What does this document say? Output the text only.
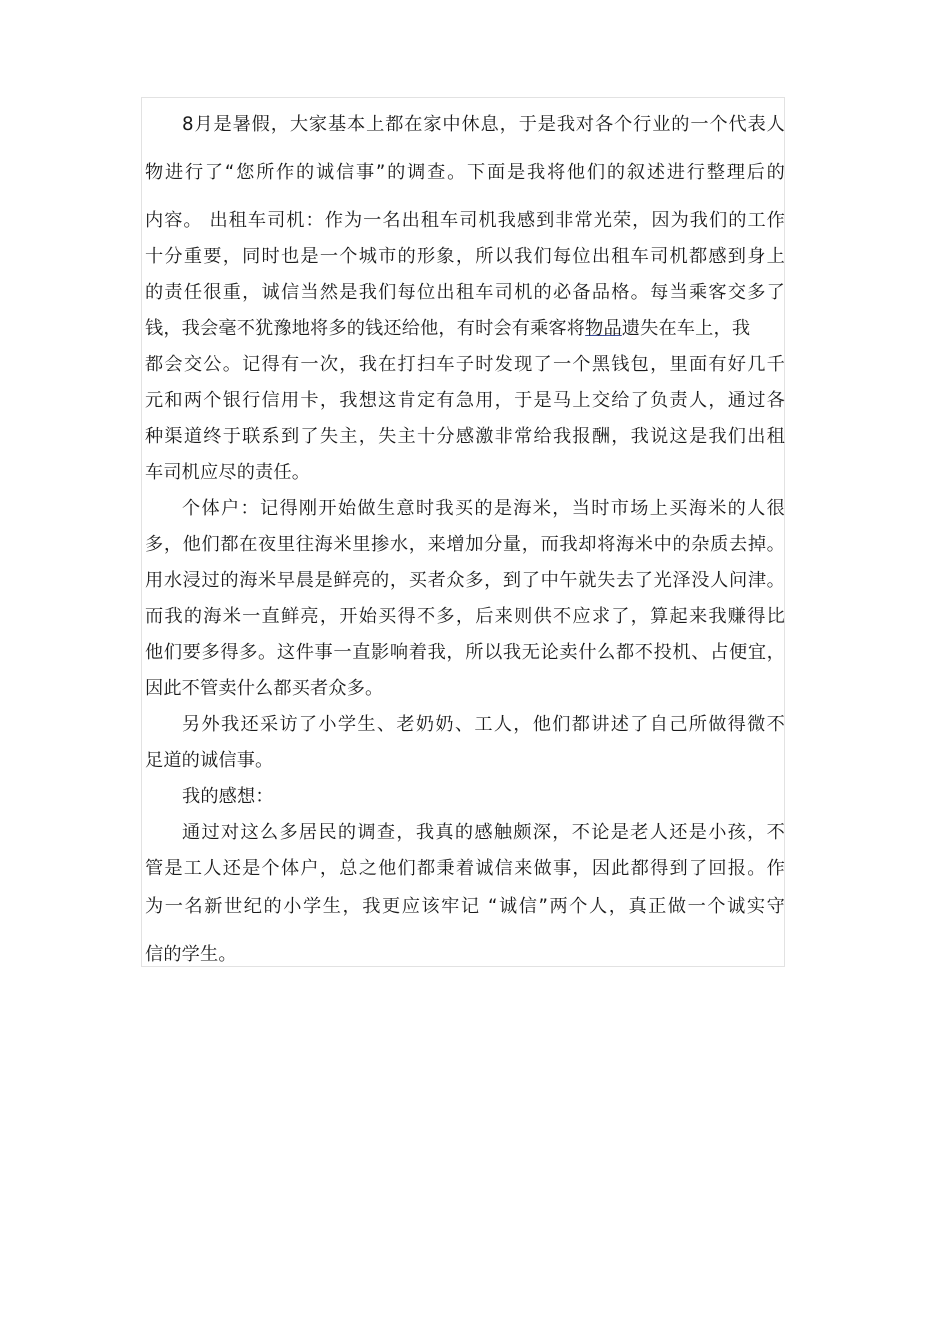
8月是暑假，大家基本上都在家中休息，于是我对各个行业的一个代表人
物进行了“您所作的诚信事”的调查。下面是我将他们的叙述进行整理后的
内容。 出租车司机：作为一名出租车司机我感到非常光荣，因为我们的工作
十分重要，同时也是一个城市的形象，所以我们每位出租车司机都感到身上
的责任很重，诚信当然是我们每位出租车司机的必备品格。每当乘客交多了
钱，我会毫不犹豫地将多的钱还给他，有时会有乘客将物品遗失在车上，我
都会交公。记得有一次，我在打扫车子时发现了一个黑钱包，里面有好几千
元和两个银行信用卡，我想这肯定有急用，于是马上交给了负责人，通过各
种渠道终于联系到了失主，失主十分感激非常给我报酬，我说这是我们出租
车司机应尽的责任。
个体户：记得刚开始做生意时我买的是海米，当时市场上买海米的人很
多，他们都在夜里往海米里掺水，来增加分量，而我却将海米中的杂质去掉。
用水浸过的海米早晨是鲜亮的，买者众多，到了中午就失去了光泽没人问津。
而我的海米一直鲜亮，开始买得不多，后来则供不应求了，算起来我赚得比
他们要多得多。这件事一直影响着我，所以我无论卖什么都不投机、占便宜，
因此不管卖什么都买者众多。
另外我还采访了小学生、老奶奶、工人，他们都讲述了自己所做得微不
足道的诚信事。
我的感想：
通过对这么多居民的调查，我真的感触颇深，不论是老人还是小孩，不
管是工人还是个体户，总之他们都秉着诚信来做事，因此都得到了回报。作
为一名新世纪的小学生，我更应该牢记 “诚信”两个人，真正做一个诚实守
信的学生。
